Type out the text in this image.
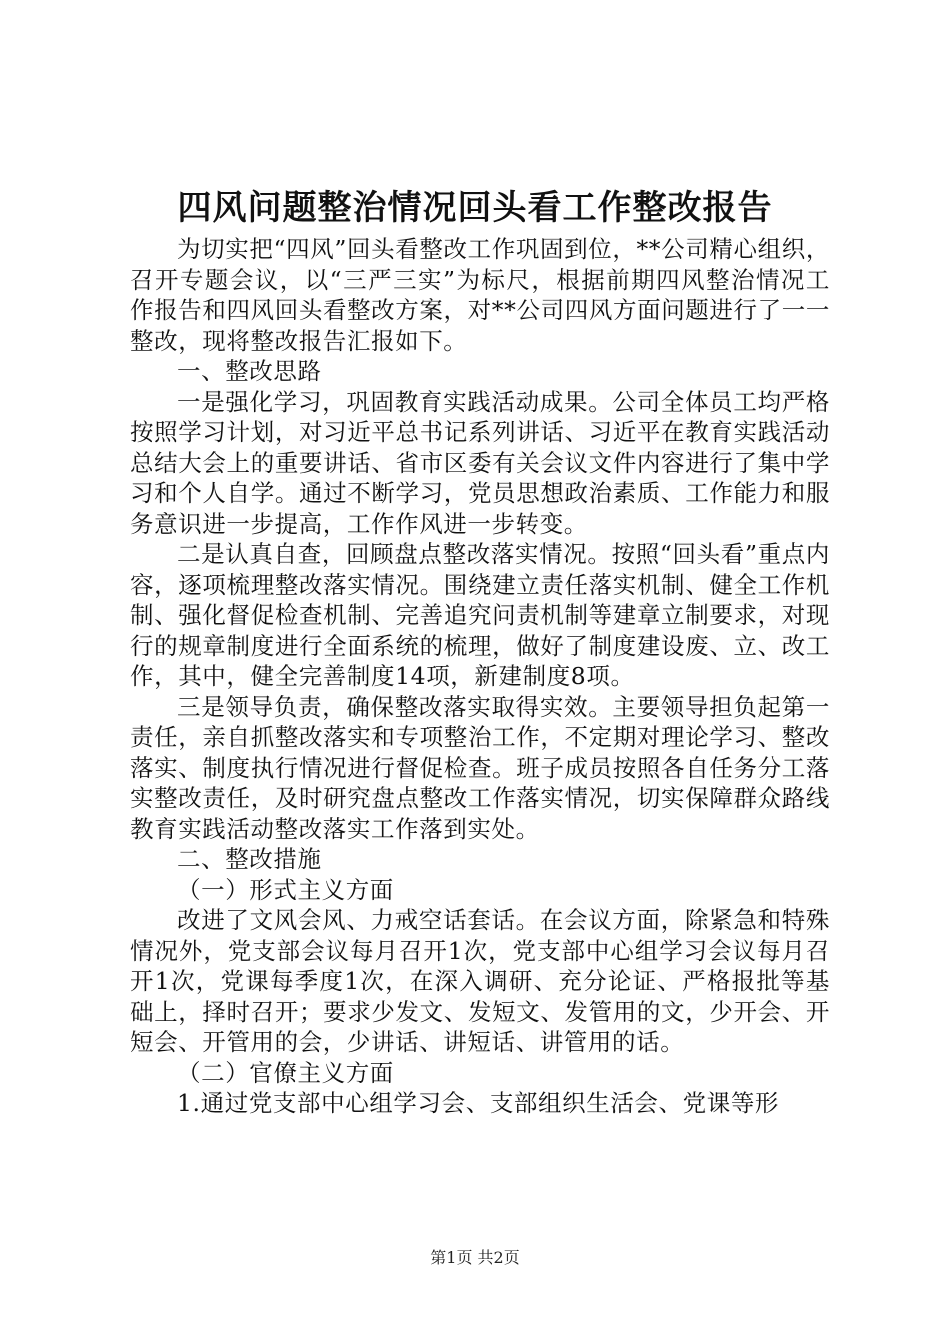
四风问题整治情况回头看工作整改报告

为切实把“四风”回头看整改工作巩固到位，**公司精心组织，召开专题会议，以“三严三实”为标尺，根据前期四风整治情况工作报告和四风回头看整改方案，对**公司四风方面问题进行了一一整改，现将整改报告汇报如下。

一、整改思路

一是强化学习，巩固教育实践活动成果。公司全体员工均严格按照学习计划，对习近平总书记系列讲话、习近平在教育实践活动总结大会上的重要讲话、省市区委有关会议文件内容进行了集中学习和个人自学。通过不断学习，党员思想政治素质、工作能力和服务意识进一步提高，工作作风进一步转变。

二是认真自查，回顾盘点整改落实情况。按照“回头看”重点内容，逐项梳理整改落实情况。围绕建立责任落实机制、健全工作机制、强化督促检查机制、完善追究问责机制等建章立制要求，对现行的规章制度进行全面系统的梳理，做好了制度建设废、立、改工作，其中，健全完善制度14项，新建制度8项。

三是领导负责，确保整改落实取得实效。主要领导担负起第一责任，亲自抓整改落实和专项整治工作，不定期对理论学习、整改落实、制度执行情况进行督促检查。班子成员按照各自任务分工落实整改责任，及时研究盘点整改工作落实情况，切实保障群众路线教育实践活动整改落实工作落到实处。

二、整改措施

（一）形式主义方面

改进了文风会风、力戒空话套话。在会议方面，除紧急和特殊情况外，党支部会议每月召开1次，党支部中心组学习会议每月召开1次，党课每季度1次，在深入调研、充分论证、严格报批等基础上，择时召开；要求少发文、发短文、发管用的文，少开会、开短会、开管用的会，少讲话、讲短话、讲管用的话。

（二）官僚主义方面

1.通过党支部中心组学习会、支部组织生活会、党课等形

第1页 共2页
